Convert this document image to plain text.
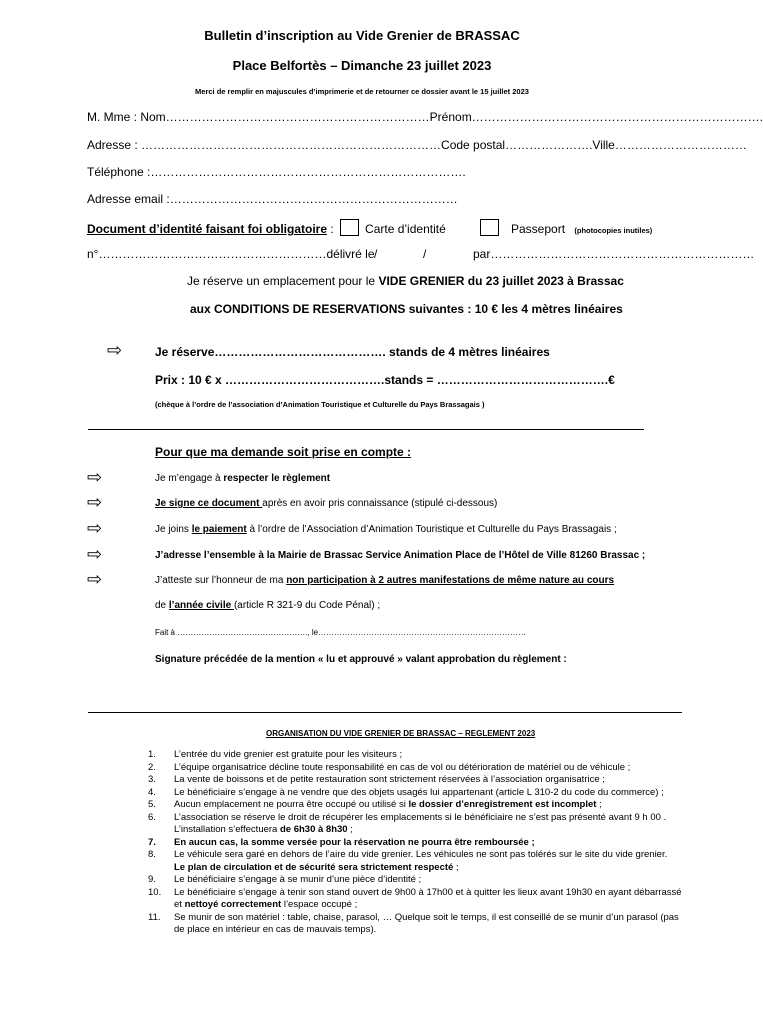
Bulletin d’inscription au Vide Grenier de BRASSAC
Place Belfortès – Dimanche 23 juillet 2023
Merci de remplir en majuscules d’imprimerie et de retourner ce dossier avant le 15 juillet 2023
M. Mme : Nom…………………………………………………………Prénom……………………………………………………………….
Adresse : …………………………………………………………………Code postal………………….Ville……………………………
Téléphone :…………………………………………………………………….
Adresse email :………………………………………………………………
Document d’identité faisant foi obligatoire :	Carte d’identité	Passeport (photocopies inutiles)
n°…………………………………………………délivré le /	/	par…………………………………………………………
Je réserve un emplacement pour le VIDE GRENIER du 23 juillet 2023 à Brassac
aux CONDITIONS DE RESERVATIONS suivantes : 10 € les 4 mètres linéaires
⇨	Je réserve……………………………………. stands de 4 mètres linéaires
Prix : 10 € x ………………………………….stands = …………………………………….€
(chèque à l’ordre de l’association d’Animation Touristique et Culturelle du Pays Brassagais )
Pour que ma demande soit prise en compte :
⇨	Je m’engage à respecter le règlement
⇨	Je signe ce document après en avoir pris connaissance (stipulé ci-dessous)
⇨	Je joins le paiement à l’ordre de l’Association d’Animation Touristique et Culturelle du Pays Brassagais ;
⇨	J’adresse l’ensemble à la Mairie de Brassac Service Animation Place de l’Hôtel de Ville 81260 Brassac ;
⇨	J’atteste sur l’honneur de ma non participation à 2 autres manifestations de même nature au cours
de l’année civile (article R 321-9 du Code Pénal) ;
Fait à …………………………………………., le……………………………………………………………………
Signature précédée de la mention « lu et approuvé » valant approbation du règlement :
ORGANISATION DU VIDE GRENIER DE BRASSAC – REGLEMENT 2023
1. L’entrée du vide grenier est gratuite pour les visiteurs ;
2. L’équipe organisatrice décline toute responsabilité en cas de vol ou détérioration de matériel ou de véhicule ;
3. La vente de boissons et de petite restauration sont strictement réservées à l’association organisatrice ;
4. Le bénéficiaire s’engage à ne vendre que des objets usagés lui appartenant (article L 310-2 du code du commerce) ;
5. Aucun emplacement ne pourra être occupé ou utilisé si le dossier d’enregistrement est incomplet ;
6. L’association se réserve le droit de récupérer les emplacements si le bénéficiaire ne s’est pas présenté avant 9 h 00 .
L’installation s’effectuera de 6h30 à 8h30 ;
7. En aucun cas, la somme versée pour la réservation ne pourra être remboursée ;
8. Le véhicule sera garé en dehors de l’aire du vide grenier. Les véhicules ne sont pas tolérés sur le site du vide grenier.
Le plan de circulation et de sécurité sera strictement respecté ;
9. Le bénéficiaire s’engage à se munir d’une pièce d’identité ;
10. Le bénéficiaire s’engage à tenir son stand ouvert de 9h00 à 17h00 et à quitter les lieux avant 19h30 en ayant débarrassé
et nettoyé correctement l’espace occupé ;
11. Se munir de son matériel : table, chaise, parasol, … Quelque soit le temps, il est conseillé de se munir d’un parasol (pas
de place en intérieur en cas de mauvais temps).
